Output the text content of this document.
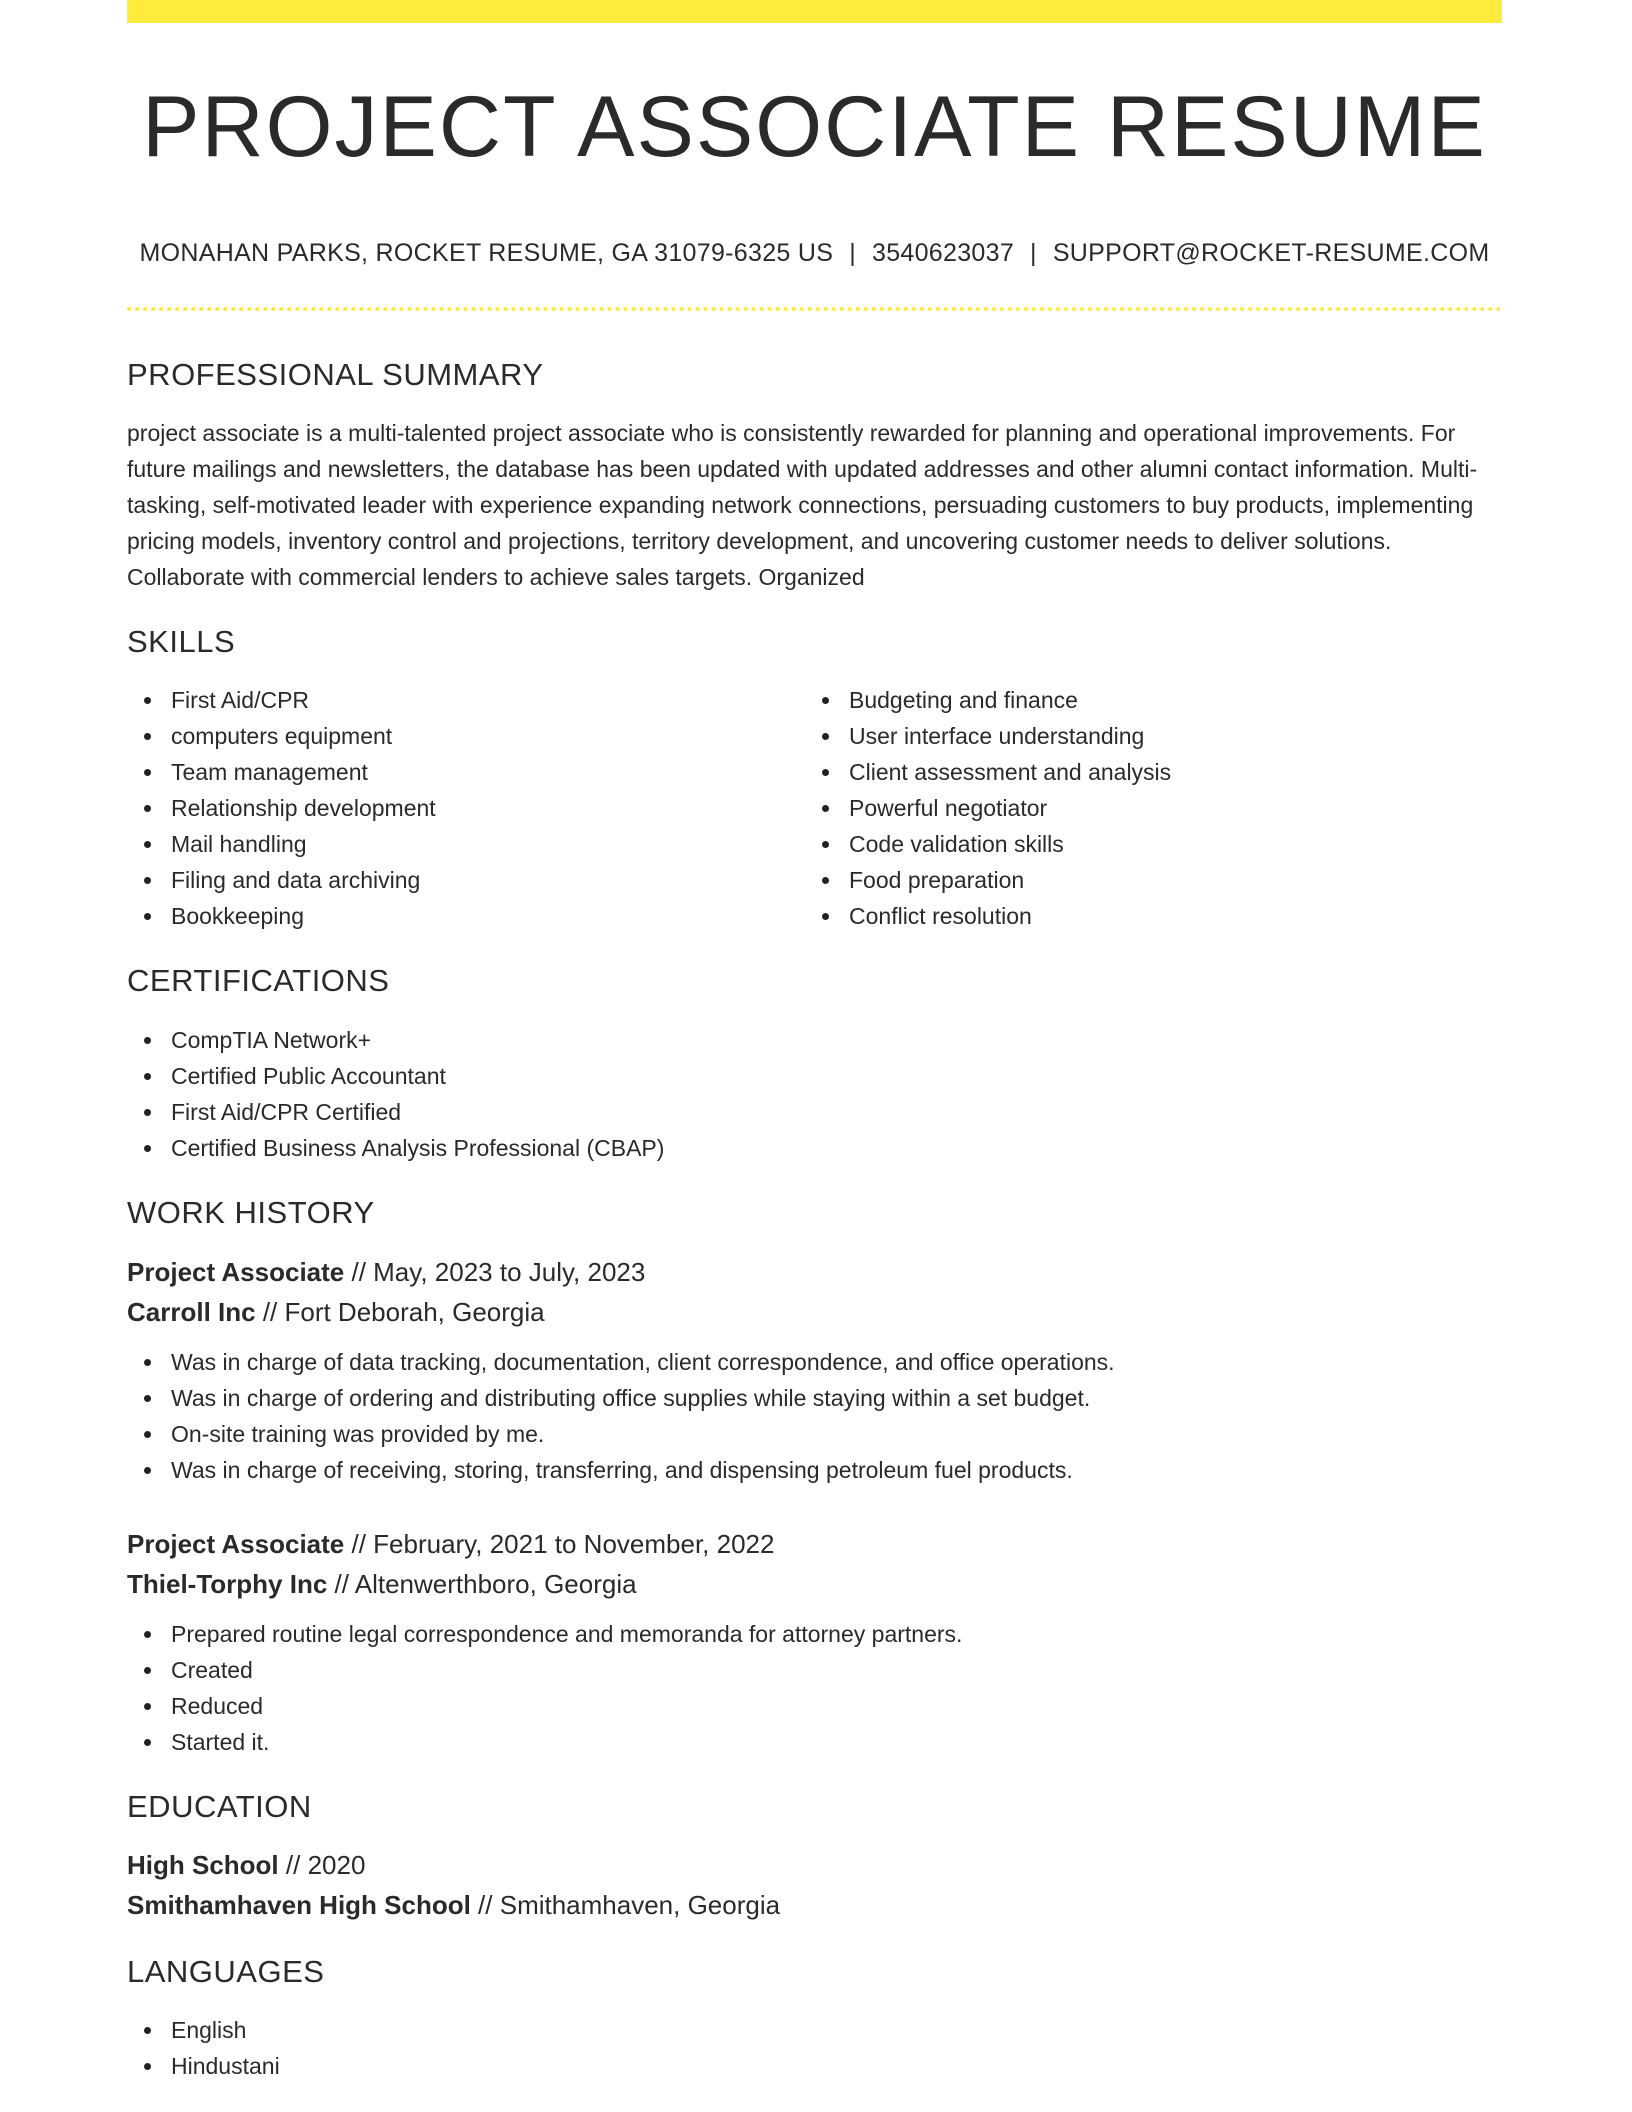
PROJECT ASSOCIATE RESUME
MONAHAN PARKS, ROCKET RESUME, GA 31079-6325 US | 3540623037 | SUPPORT@ROCKET-RESUME.COM
PROFESSIONAL SUMMARY

project associate is a multi-talented project associate who is consistently rewarded for planning and operational improvements. For future mailings and newsletters, the database has been updated with updated addresses and other alumni contact information. Multi-tasking, self-motivated leader with experience expanding network connections, persuading customers to buy products, implementing pricing models, inventory control and projections, territory development, and uncovering customer needs to deliver solutions. Collaborate with commercial lenders to achieve sales targets. Organized

SKILLS
First Aid/CPR
computers equipment
Team management
Relationship development
Mail handling
Filing and data archiving
Bookkeeping
Budgeting and finance
User interface understanding
Client assessment and analysis
Powerful negotiator
Code validation skills
Food preparation
Conflict resolution
CERTIFICATIONS
CompTIA Network+
Certified Public Accountant
First Aid/CPR Certified
Certified Business Analysis Professional (CBAP)
WORK HISTORY
Project Associate // May, 2023 to July, 2023
Carroll Inc // Fort Deborah, Georgia
Was in charge of data tracking, documentation, client correspondence, and office operations.
Was in charge of ordering and distributing office supplies while staying within a set budget.
On-site training was provided by me.
Was in charge of receiving, storing, transferring, and dispensing petroleum fuel products.
Project Associate // February, 2021 to November, 2022
Thiel-Torphy Inc // Altenwerthboro, Georgia
Prepared routine legal correspondence and memoranda for attorney partners.
Created
Reduced
Started it.
EDUCATION
High School // 2020
Smithamhaven High School // Smithamhaven, Georgia
LANGUAGES
English
Hindustani
